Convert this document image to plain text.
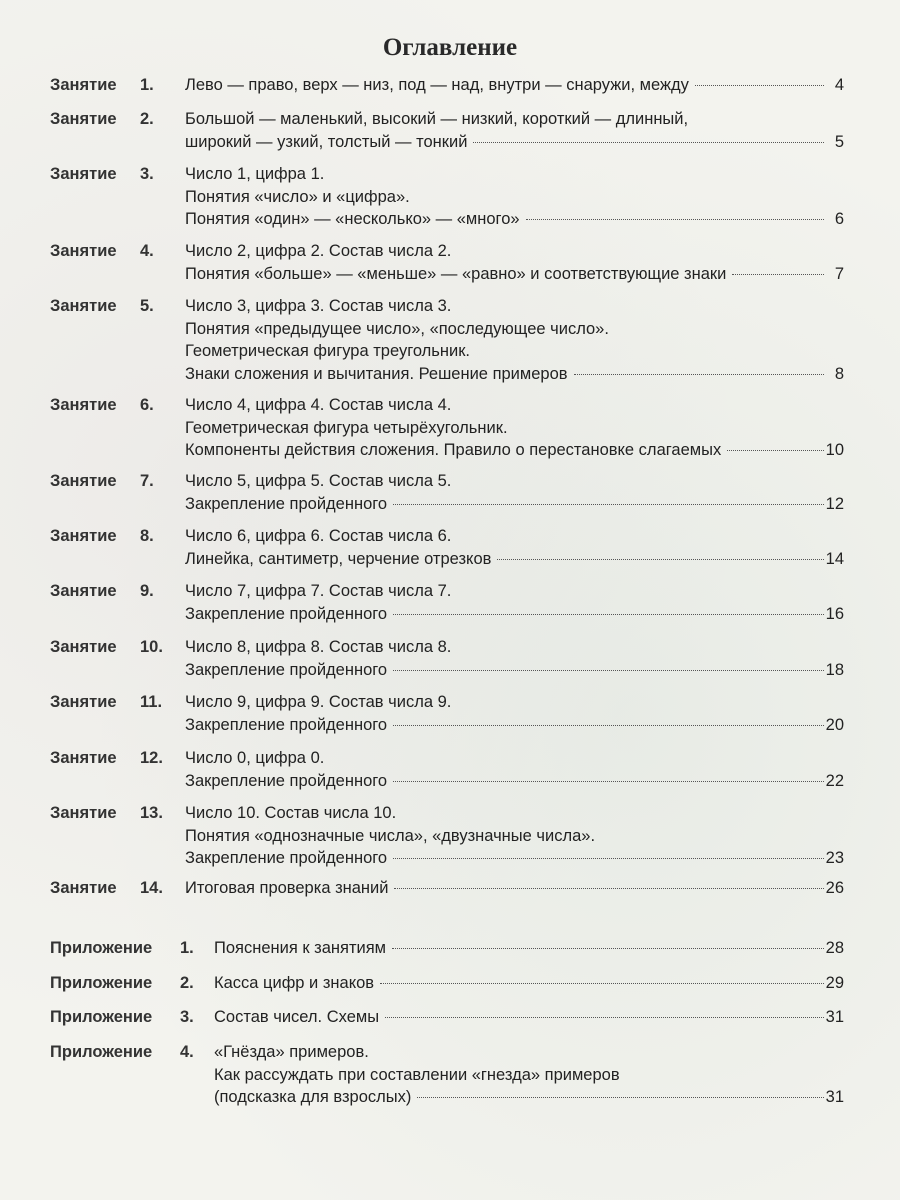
Оглавление
Занятие 1. Лево — право, верх — низ, под — над, внутри — снаружи, между	4
Занятие 2. Большой — маленький, высокий — низкий, короткий — длинный,
широкий — узкий, толстый — тонкий	5
Занятие 3. Число 1, цифра 1.
Понятия «число» и «цифра».
Понятия «один» — «несколько» — «много»	6
Занятие 4. Число 2, цифра 2. Состав числа 2.
Понятия «больше» — «меньше» — «равно» и соответствующие знаки	7
Занятие 5. Число 3, цифра 3. Состав числа 3.
Понятия «предыдущее число», «последующее число».
Геометрическая фигура треугольник.
Знаки сложения и вычитания. Решение примеров	8
Занятие 6. Число 4, цифра 4. Состав числа 4.
Геометрическая фигура четырёхугольник.
Компоненты действия сложения. Правило о перестановке слагаемых	10
Занятие 7. Число 5, цифра 5. Состав числа 5.
Закрепление пройденного	12
Занятие 8. Число 6, цифра 6. Состав числа 6.
Линейка, сантиметр, черчение отрезков	14
Занятие 9. Число 7, цифра 7. Состав числа 7.
Закрепление пройденного	16
Занятие 10. Число 8, цифра 8. Состав числа 8.
Закрепление пройденного	18
Занятие 11. Число 9, цифра 9. Состав числа 9.
Закрепление пройденного	20
Занятие 12. Число 0, цифра 0.
Закрепление пройденного	22
Занятие 13. Число 10. Состав числа 10.
Понятия «однозначные числа», «двузначные числа».
Закрепление пройденного	23
Занятие 14. Итоговая проверка знаний	26
Приложение 1. Пояснения к занятиям	28
Приложение 2. Касса цифр и знаков	29
Приложение 3. Состав чисел. Схемы	31
Приложение 4. «Гнёзда» примеров.
Как рассуждать при составлении «гнезда» примеров
(подсказка для взрослых)	31
